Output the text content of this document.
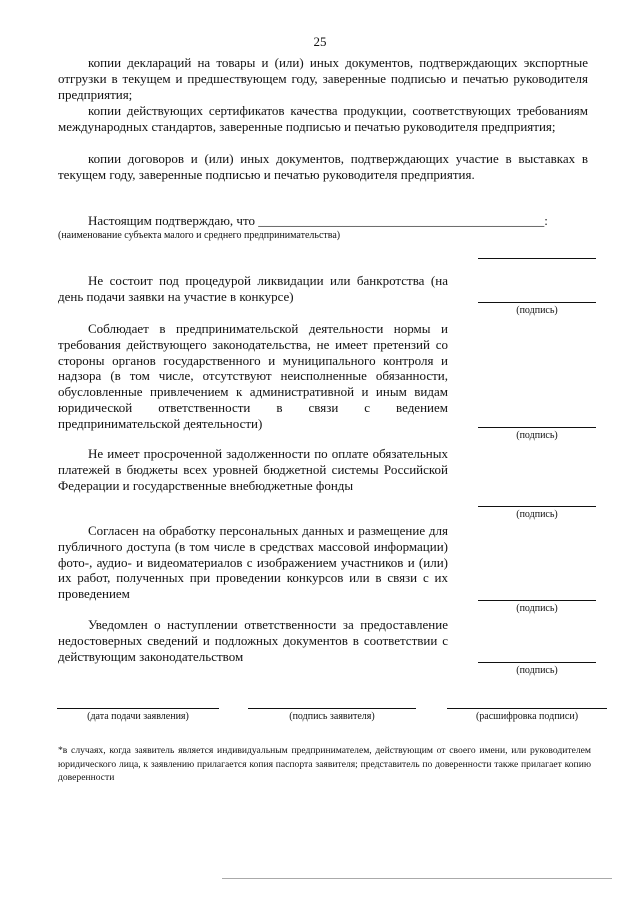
25
копии деклараций на товары и (или) иных документов, подтверждающих экспортные отгрузки в текущем и предшествующем году, заверенные подписью и печатью руководителя предприятия;
копии действующих сертификатов качества продукции, соответствующих требованиям международных стандартов, заверенные подписью и печатью руководителя предприятия;
копии договоров и (или) иных документов, подтверждающих участие в выставках в текущем году, заверенные подписью и печатью руководителя предприятия.
Настоящим подтверждаю, что ____________________________________________:
(наименование субъекта малого и среднего предпринимательства)
Не состоит под процедурой ликвидации или банкротства (на день подачи заявки на участие в конкурсе)
(подпись)
Соблюдает в предпринимательской деятельности нормы и требования действующего законодательства, не имеет претензий со стороны органов государственного и муниципального контроля и надзора (в том числе, отсутствуют неисполненные обязанности, обусловленные привлечением к административной и иным видам юридической ответственности в связи с ведением предпринимательской деятельности)
(подпись)
Не имеет просроченной задолженности по оплате обязательных платежей в бюджеты всех уровней бюджетной системы Российской Федерации и государственные внебюджетные фонды
(подпись)
Согласен на обработку персональных данных и размещение для публичного доступа (в том числе в средствах массовой информации) фото-, аудио- и видеоматериалов с изображением участников и (или) их работ, полученных при проведении конкурсов или в связи с их проведением
(подпись)
Уведомлен о наступлении ответственности за предоставление недостоверных сведений и подложных документов в соответствии с действующим законодательством
(подпись)
(дата подачи заявления)	(подпись заявителя)	(расшифровка подписи)
*в случаях, когда заявитель является индивидуальным предпринимателем, действующим от своего имени, или руководителем юридического лица, к заявлению прилагается копия паспорта заявителя; представитель по доверенности также прилагает копию доверенности
